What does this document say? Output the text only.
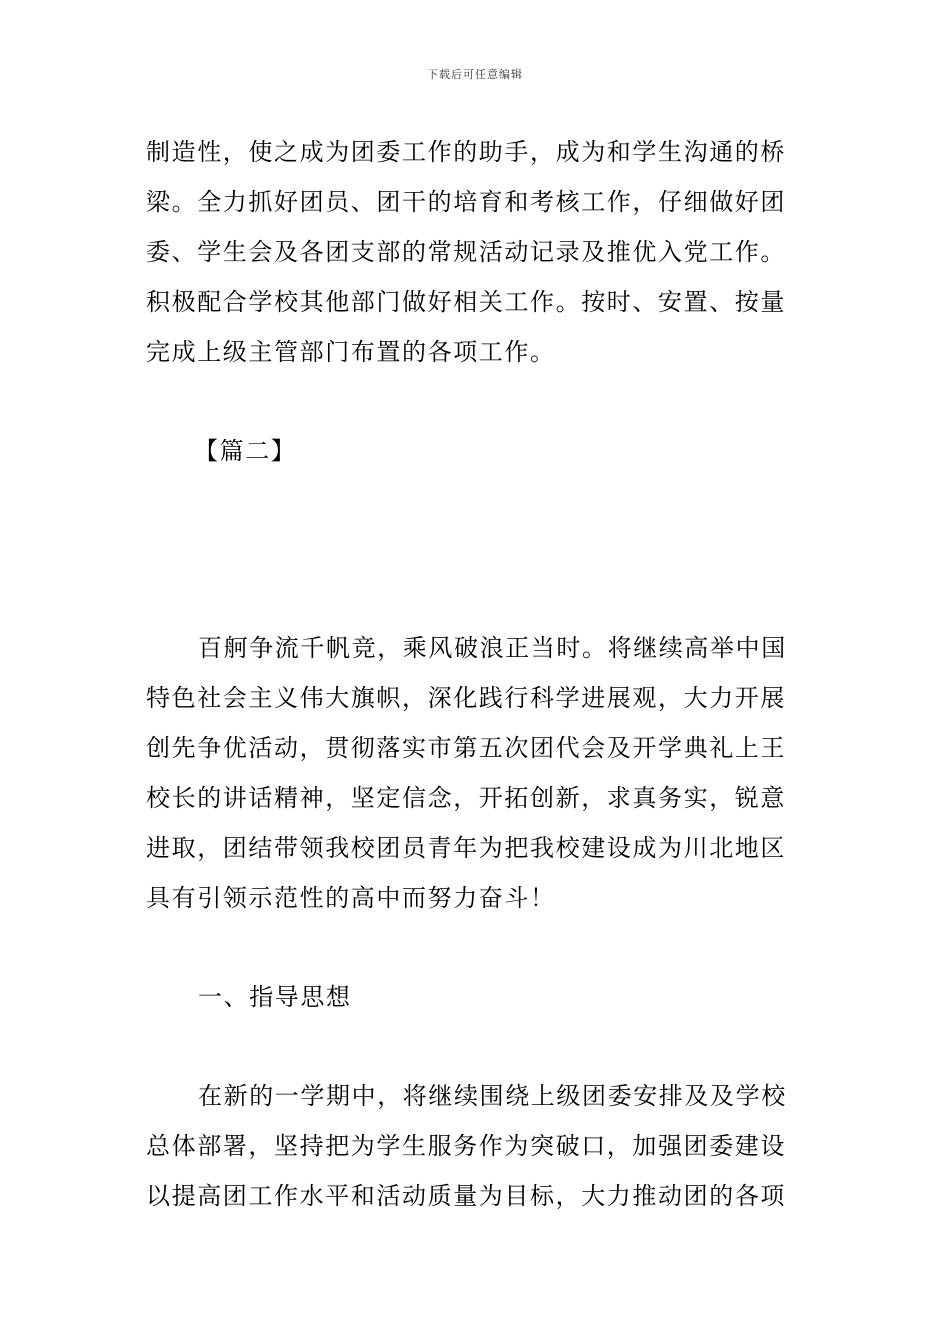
下载后可任意编辑
制造性，使之成为团委工作的助手，成为和学生沟通的桥
梁。全力抓好团员、团干的培育和考核工作，仔细做好团
委、学生会及各团支部的常规活动记录及推优入党工作。
积极配合学校其他部门做好相关工作。按时、安置、按量
完成上级主管部门布置的各项工作。
【篇二】
百舸争流千帆竞，乘风破浪正当时。将继续高举中国
特色社会主义伟大旗帜，深化践行科学进展观，大力开展
创先争优活动，贯彻落实市第五次团代会及开学典礼上王
校长的讲话精神，坚定信念，开拓创新，求真务实，锐意
进取，团结带领我校团员青年为把我校建设成为川北地区
具有引领示范性的高中而努力奋斗！
一、指导思想
在新的一学期中，将继续围绕上级团委安排及及学校
总体部署，坚持把为学生服务作为突破口，加强团委建设
以提高团工作水平和活动质量为目标，大力推动团的各项
